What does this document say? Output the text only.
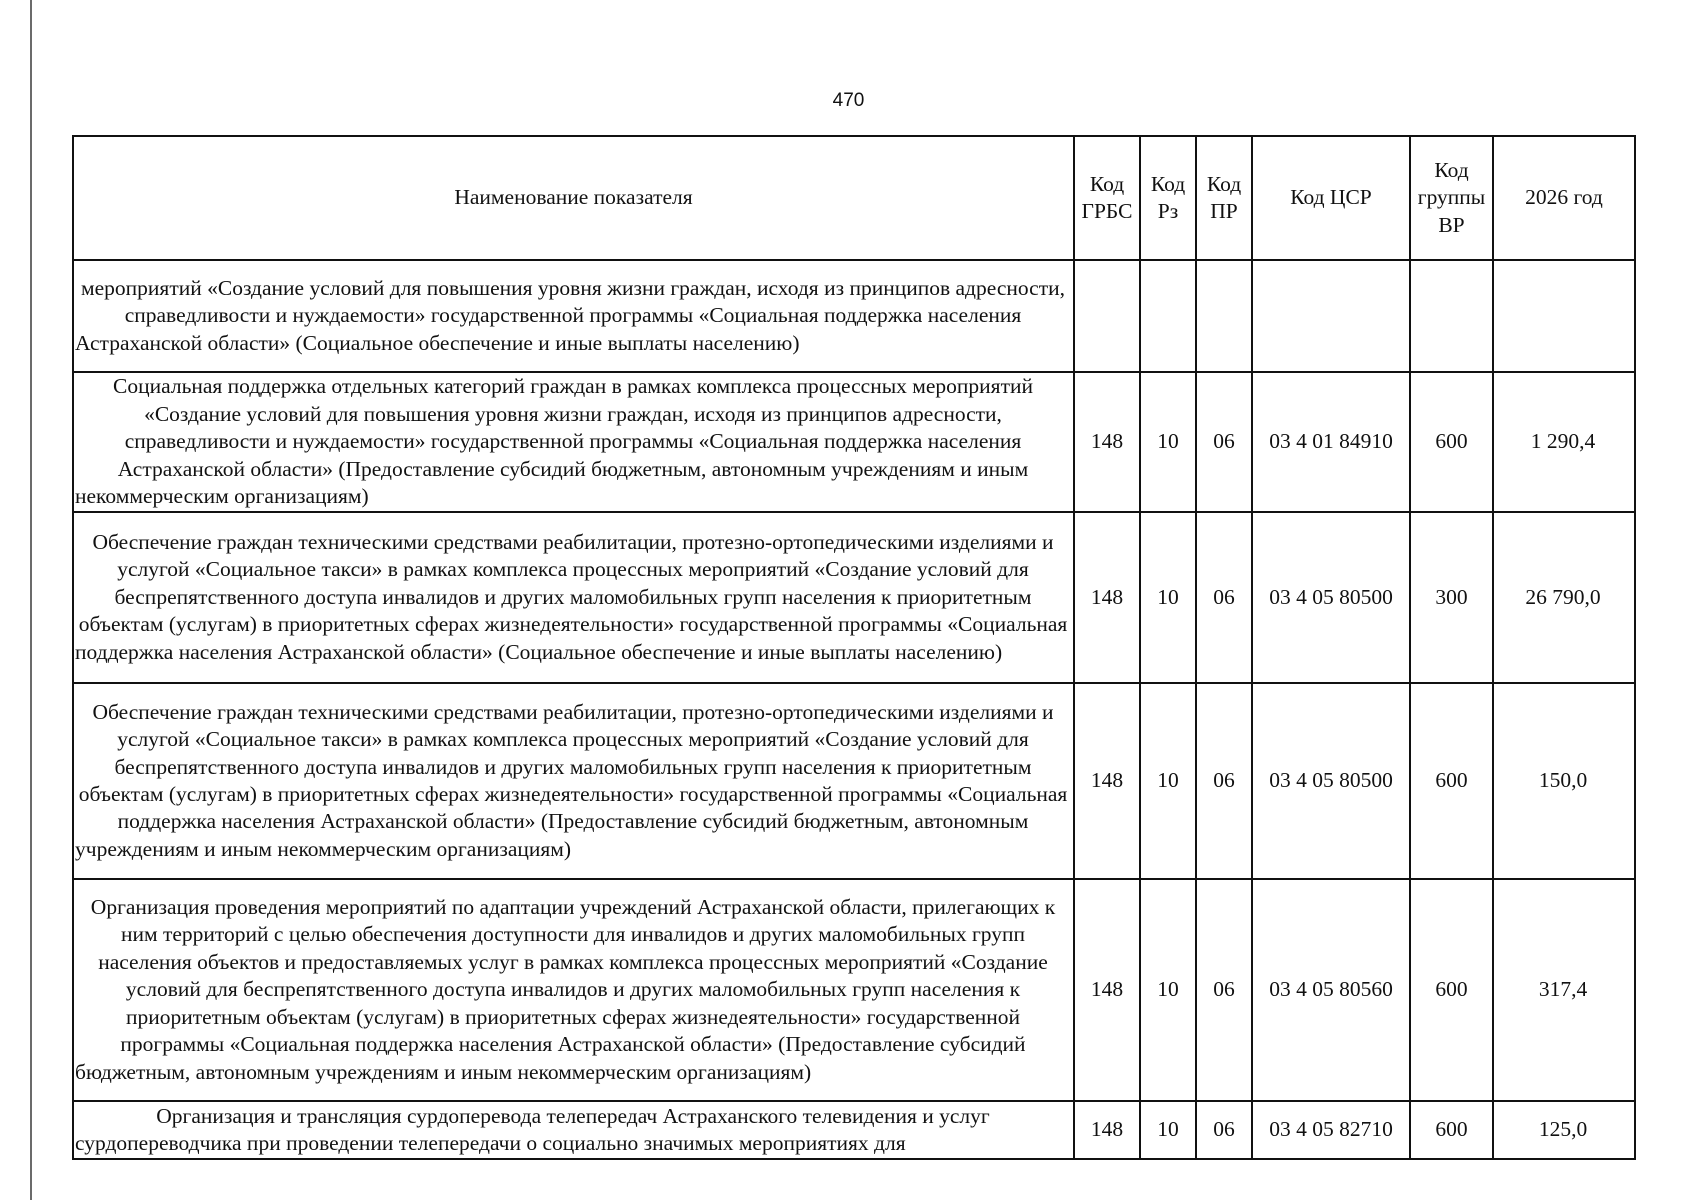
470
Наименование показателя	Код ГРБС	Код Рз	Код ПР	Код ЦСР	Код группы ВР	2026 год
мероприятий «Создание условий для повышения уровня жизни граждан, исходя из принципов адресности, справедливости и нуждаемости» государственной программы «Социальная поддержка населения Астраханской области» (Социальное обеспечение и иные выплаты населению)						
Социальная поддержка отдельных категорий граждан в рамках комплекса процессных мероприятий «Создание условий для повышения уровня жизни граждан, исходя из принципов адресности, справедливости и нуждаемости» государственной программы «Социальная поддержка населения Астраханской области» (Предоставление субсидий бюджетным, автономным учреждениям и иным некоммерческим организациям)	148	10	06	03 4 01 84910	600	1 290,4
Обеспечение граждан техническими средствами реабилитации, протезно-ортопедическими изделиями и услугой «Социальное такси» в рамках комплекса процессных мероприятий «Создание условий для беспрепятственного доступа инвалидов и других маломобильных групп населения к приоритетным объектам (услугам) в приоритетных сферах жизнедеятельности» государственной программы «Социальная поддержка населения Астраханской области» (Социальное обеспечение и иные выплаты населению)	148	10	06	03 4 05 80500	300	26 790,0
Обеспечение граждан техническими средствами реабилитации, протезно-ортопедическими изделиями и услугой «Социальное такси» в рамках комплекса процессных мероприятий «Создание условий для беспрепятственного доступа инвалидов и других маломобильных групп населения к приоритетным объектам (услугам) в приоритетных сферах жизнедеятельности» государственной программы «Социальная поддержка населения Астраханской области» (Предоставление субсидий бюджетным, автономным учреждениям и иным некоммерческим организациям)	148	10	06	03 4 05 80500	600	150,0
Организация проведения мероприятий по адаптации учреждений Астраханской области, прилегающих к ним территорий с целью обеспечения доступности для инвалидов и других маломобильных групп населения объектов и предоставляемых услуг в рамках комплекса процессных мероприятий «Создание условий для беспрепятственного доступа инвалидов и других маломобильных групп населения к приоритетным объектам (услугам) в приоритетных сферах жизнедеятельности» государственной программы «Социальная поддержка населения Астраханской области» (Предоставление субсидий бюджетным, автономным учреждениям и иным некоммерческим организациям)	148	10	06	03 4 05 80560	600	317,4
Организация и трансляция сурдоперевода телепередач Астраханского телевидения и услуг сурдопереводчика при проведении телепередачи о социально значимых мероприятиях для	148	10	06	03 4 05 82710	600	125,0
